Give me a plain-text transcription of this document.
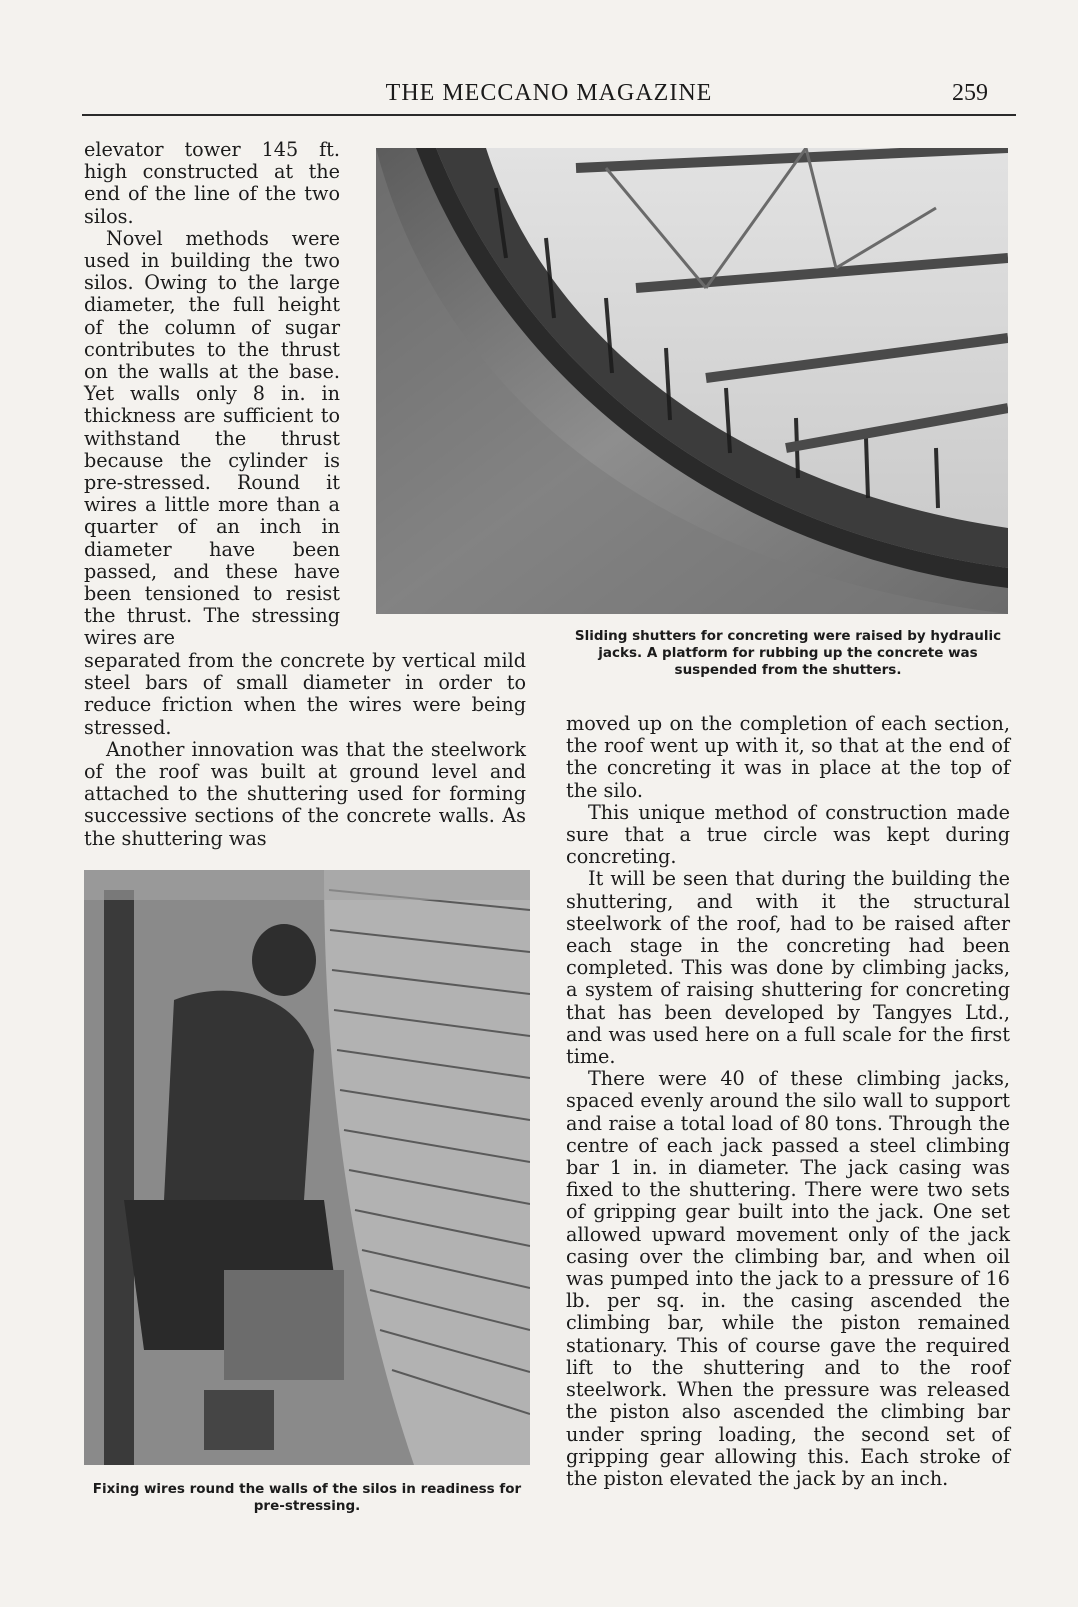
THE MECCANO MAGAZINE	259
Sliding shutters for concreting were raised by hydraulic jacks. A platform for rubbing up the concrete was suspended from the shutters.
Fixing wires round the walls of the silos in readiness for pre-stressing.

elevator tower 145 ft. high constructed at the end of the line of the two silos.

Novel methods were used in building the two silos. Owing to the large diameter, the full height of the column of sugar contributes to the thrust on the walls at the base. Yet walls only 8 in. in thickness are sufficient to withstand the thrust because the cylinder is pre-stressed. Round it wires a little more than a quarter of an inch in diameter have been passed, and these have been tensioned to resist the thrust. The stressing wires are

separated from the concrete by vertical mild steel bars of small diameter in order to reduce friction when the wires were being stressed.

Another innovation was that the steelwork of the roof was built at ground level and attached to the shuttering used for forming successive sections of the concrete walls. As the shuttering was

moved up on the completion of each section, the roof went up with it, so that at the end of the concreting it was in place at the top of the silo.

This unique method of construction made sure that a true circle was kept during concreting.

It will be seen that during the building the shuttering, and with it the structural steelwork of the roof, had to be raised after each stage in the concreting had been completed. This was done by climbing jacks, a system of raising shuttering for concreting that has been developed by Tangyes Ltd., and was used here on a full scale for the first time.

There were 40 of these climbing jacks, spaced evenly around the silo wall to support and raise a total load of 80 tons. Through the centre of each jack passed a steel climbing bar 1 in. in diameter. The jack casing was fixed to the shuttering. There were two sets of gripping gear built into the jack. One set allowed upward movement only of the jack casing over the climbing bar, and when oil was pumped into the jack to a pressure of 16 lb. per sq. in. the casing ascended the climbing bar, while the piston remained stationary. This of course gave the required lift to the shuttering and to the roof steelwork. When the pressure was released the piston also ascended the climbing bar under spring loading, the second set of gripping gear allowing this. Each stroke of the piston elevated the jack by an inch.
